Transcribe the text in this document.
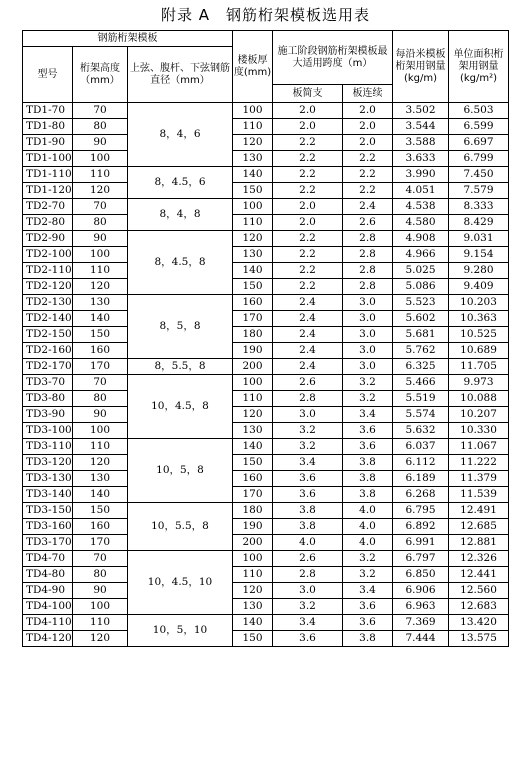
附录 A　钢筋桁架模板选用表
钢筋桁架模板			楼板厚度(mm)	施工阶段钢筋桁架模板最大适用跨度（m）		每沿米模板桁架用钢量(kg/m)	单位面积桁架用钢量(kg/m²)
型号	桁架高度（mm）	上弦、腹杆、下弦钢筋直径（mm）					
				板简支	板连续		
TD1-70	70	8，4，6	100	2.0	2.0	3.502	6.503
TD1-80	80		110	2.0	2.0	3.544	6.599
TD1-90	90		120	2.2	2.0	3.588	6.697
TD1-100	100		130	2.2	2.2	3.633	6.799
TD1-110	110	8，4.5，6	140	2.2	2.2	3.990	7.450
TD1-120	120		150	2.2	2.2	4.051	7.579
TD2-70	70	8，4，8	100	2.0	2.4	4.538	8.333
TD2-80	80		110	2.0	2.6	4.580	8.429
TD2-90	90	8，4.5，8	120	2.2	2.8	4.908	9.031
TD2-100	100		130	2.2	2.8	4.966	9.154
TD2-110	110		140	2.2	2.8	5.025	9.280
TD2-120	120		150	2.2	2.8	5.086	9.409
TD2-130	130	8，5，8	160	2.4	3.0	5.523	10.203
TD2-140	140		170	2.4	3.0	5.602	10.363
TD2-150	150		180	2.4	3.0	5.681	10.525
TD2-160	160		190	2.4	3.0	5.762	10.689
TD2-170	170	8，5.5，8	200	2.4	3.0	6.325	11.705
TD3-70	70	10，4.5，8	100	2.6	3.2	5.466	9.973
TD3-80	80		110	2.8	3.2	5.519	10.088
TD3-90	90		120	3.0	3.4	5.574	10.207
TD3-100	100		130	3.2	3.6	5.632	10.330
TD3-110	110	10，5，8	140	3.2	3.6	6.037	11.067
TD3-120	120		150	3.4	3.8	6.112	11.222
TD3-130	130		160	3.6	3.8	6.189	11.379
TD3-140	140		170	3.6	3.8	6.268	11.539
TD3-150	150	10，5.5，8	180	3.8	4.0	6.795	12.491
TD3-160	160		190	3.8	4.0	6.892	12.685
TD3-170	170		200	4.0	4.0	6.991	12.881
TD4-70	70	10，4.5，10	100	2.6	3.2	6.797	12.326
TD4-80	80		110	2.8	3.2	6.850	12.441
TD4-90	90		120	3.0	3.4	6.906	12.560
TD4-100	100		130	3.2	3.6	6.963	12.683
TD4-110	110	10，5，10	140	3.4	3.6	7.369	13.420
TD4-120	120		150	3.6	3.8	7.444	13.575
